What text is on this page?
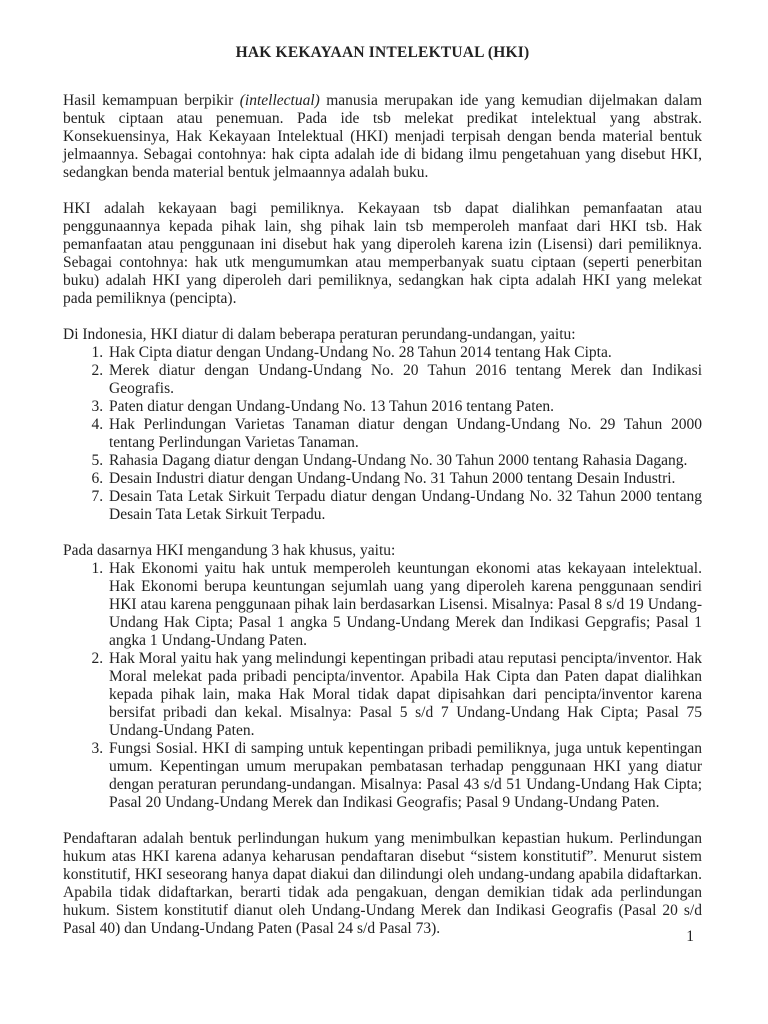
HAK KEKAYAAN INTELEKTUAL (HKI)

Hasil kemampuan berpikir (intellectual) manusia merupakan ide yang kemudian dijelmakan dalam bentuk ciptaan atau penemuan. Pada ide tsb melekat predikat intelektual yang abstrak. Konsekuensinya, Hak Kekayaan Intelektual (HKI) menjadi terpisah dengan benda material bentuk jelmaannya. Sebagai contohnya: hak cipta adalah ide di bidang ilmu pengetahuan yang disebut HKI, sedangkan benda material bentuk jelmaannya adalah buku.

HKI adalah kekayaan bagi pemiliknya. Kekayaan tsb dapat dialihkan pemanfaatan atau penggunaannya kepada pihak lain, shg pihak lain tsb memperoleh manfaat dari HKI tsb. Hak pemanfaatan atau penggunaan ini disebut hak yang diperoleh karena izin (Lisensi) dari pemiliknya. Sebagai contohnya: hak utk mengumumkan atau memperbanyak suatu ciptaan (seperti penerbitan buku) adalah HKI yang diperoleh dari pemiliknya, sedangkan hak cipta adalah HKI yang melekat pada pemiliknya (pencipta).

Di Indonesia, HKI diatur di dalam beberapa peraturan perundang-undangan, yaitu:

1. Hak Cipta diatur dengan Undang-Undang No. 28 Tahun 2014 tentang Hak Cipta.
2. Merek diatur dengan Undang-Undang No. 20 Tahun 2016 tentang Merek dan Indikasi Geografis.
3. Paten diatur dengan Undang-Undang No. 13 Tahun 2016 tentang Paten.
4. Hak Perlindungan Varietas Tanaman diatur dengan Undang-Undang No. 29 Tahun 2000 tentang Perlindungan Varietas Tanaman.
5. Rahasia Dagang diatur dengan Undang-Undang No. 30 Tahun 2000 tentang Rahasia Dagang.
6. Desain Industri diatur dengan Undang-Undang No. 31 Tahun 2000 tentang Desain Industri.
7. Desain Tata Letak Sirkuit Terpadu diatur dengan Undang-Undang No. 32 Tahun 2000 tentang Desain Tata Letak Sirkuit Terpadu.

Pada dasarnya HKI mengandung 3 hak khusus, yaitu:

1. Hak Ekonomi yaitu hak untuk memperoleh keuntungan ekonomi atas kekayaan intelektual. Hak Ekonomi berupa keuntungan sejumlah uang yang diperoleh karena penggunaan sendiri HKI atau karena penggunaan pihak lain berdasarkan Lisensi. Misalnya: Pasal 8 s/d 19 Undang-Undang Hak Cipta; Pasal 1 angka 5 Undang-Undang Merek dan Indikasi Gepgrafis; Pasal 1 angka 1 Undang-Undang Paten.
2. Hak Moral yaitu hak yang melindungi kepentingan pribadi atau reputasi pencipta/inventor. Hak Moral melekat pada pribadi pencipta/inventor. Apabila Hak Cipta dan Paten dapat dialihkan kepada pihak lain, maka Hak Moral tidak dapat dipisahkan dari pencipta/inventor karena bersifat pribadi dan kekal. Misalnya: Pasal 5 s/d 7 Undang-Undang Hak Cipta; Pasal 75 Undang-Undang Paten.
3. Fungsi Sosial. HKI di samping untuk kepentingan pribadi pemiliknya, juga untuk kepentingan umum. Kepentingan umum merupakan pembatasan terhadap penggunaan HKI yang diatur dengan peraturan perundang-undangan. Misalnya: Pasal 43 s/d 51 Undang-Undang Hak Cipta; Pasal 20 Undang-Undang Merek dan Indikasi Geografis; Pasal 9 Undang-Undang Paten.

Pendaftaran adalah bentuk perlindungan hukum yang menimbulkan kepastian hukum. Perlindungan hukum atas HKI karena adanya keharusan pendaftaran disebut “sistem konstitutif”. Menurut sistem konstitutif, HKI seseorang hanya dapat diakui dan dilindungi oleh undang-undang apabila didaftarkan. Apabila tidak didaftarkan, berarti tidak ada pengakuan, dengan demikian tidak ada perlindungan hukum. Sistem konstitutif dianut oleh Undang-Undang Merek dan Indikasi Geografis (Pasal 20 s/d Pasal 40) dan Undang-Undang Paten (Pasal 24 s/d Pasal 73).	1
